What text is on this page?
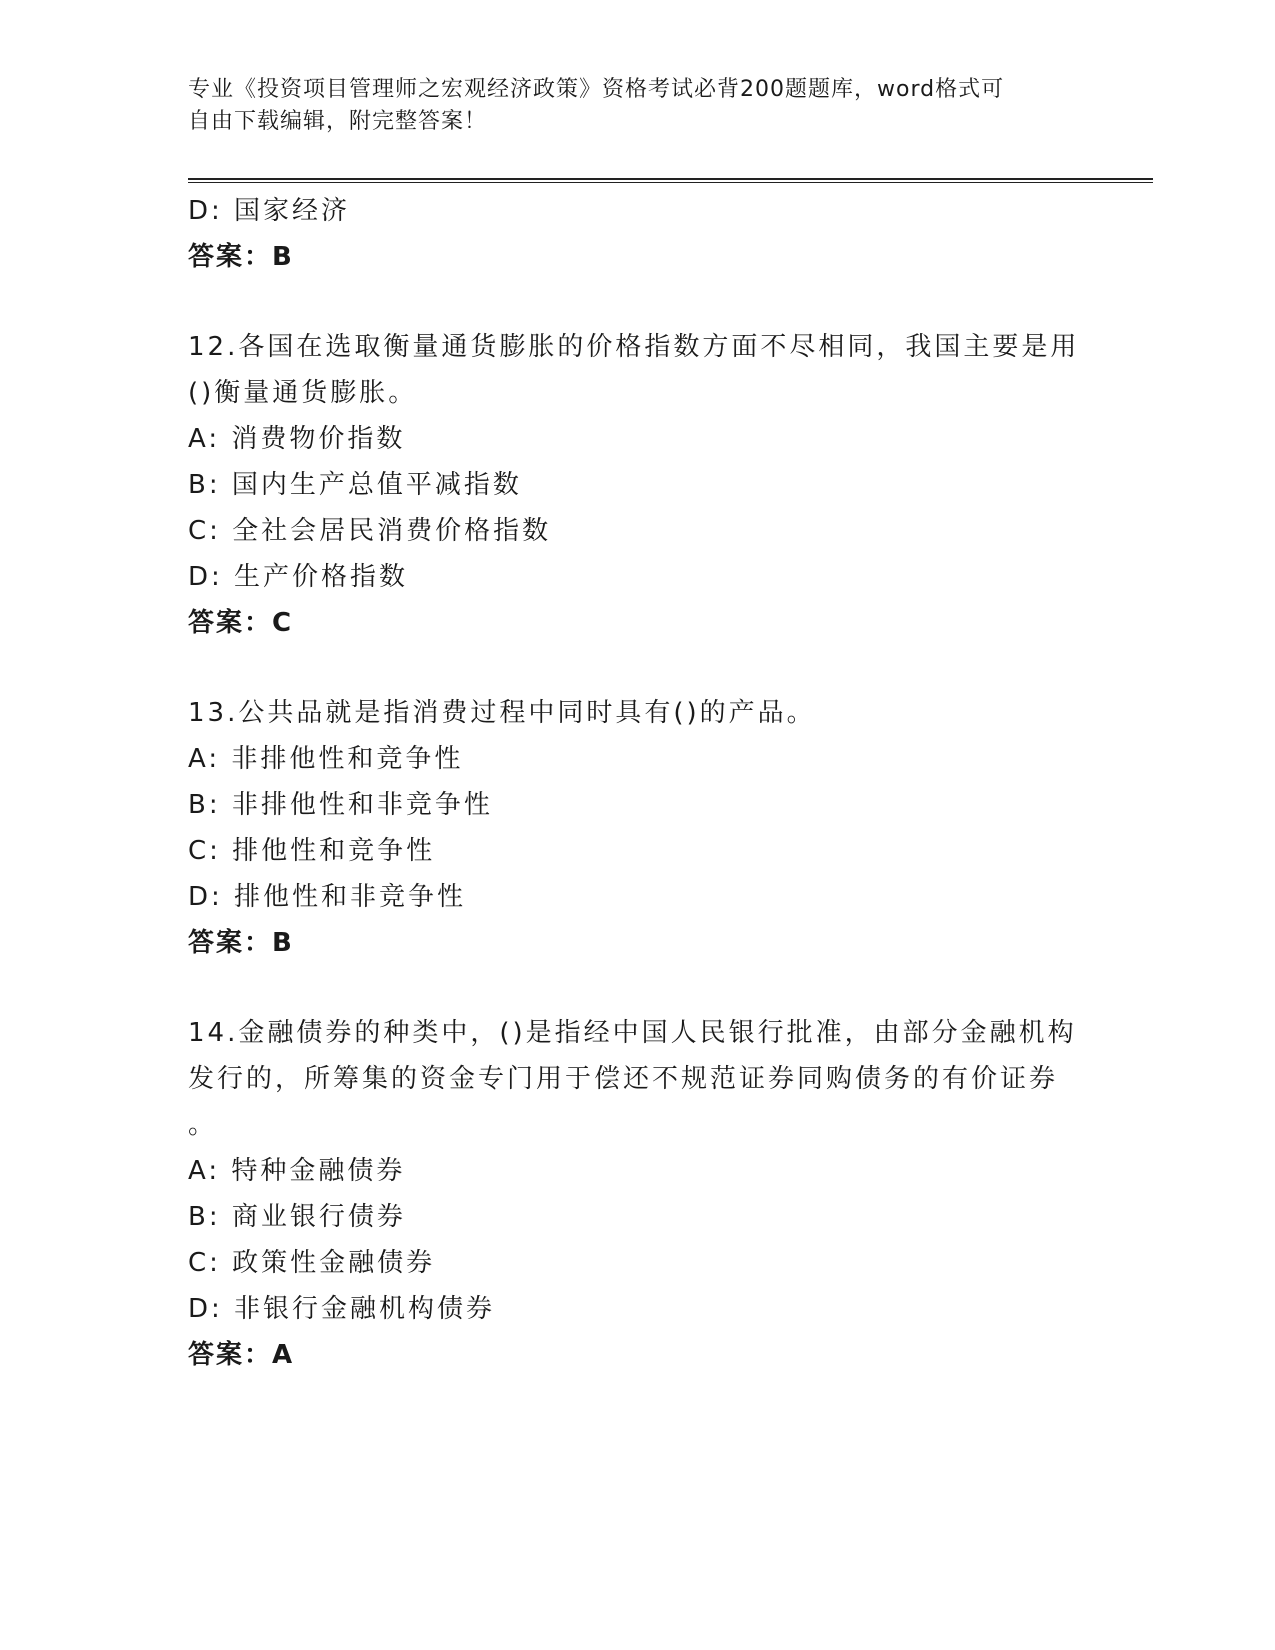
专业《投资项目管理师之宏观经济政策》资格考试必背200题题库，word格式可
自由下载编辑，附完整答案！
D: 国家经济
答案：B
12.各国在选取衡量通货膨胀的价格指数方面不尽相同，我国主要是用
()衡量通货膨胀。
A: 消费物价指数
B: 国内生产总值平减指数
C: 全社会居民消费价格指数
D: 生产价格指数
答案：C
13.公共品就是指消费过程中同时具有()的产品。
A: 非排他性和竞争性
B: 非排他性和非竞争性
C: 排他性和竞争性
D: 排他性和非竞争性
答案：B
14.金融债券的种类中，()是指经中国人民银行批准，由部分金融机构
发行的，所筹集的资金专门用于偿还不规范证券同购债务的有价证券
。
A: 特种金融债券
B: 商业银行债券
C: 政策性金融债券
D: 非银行金融机构债券
答案：A
